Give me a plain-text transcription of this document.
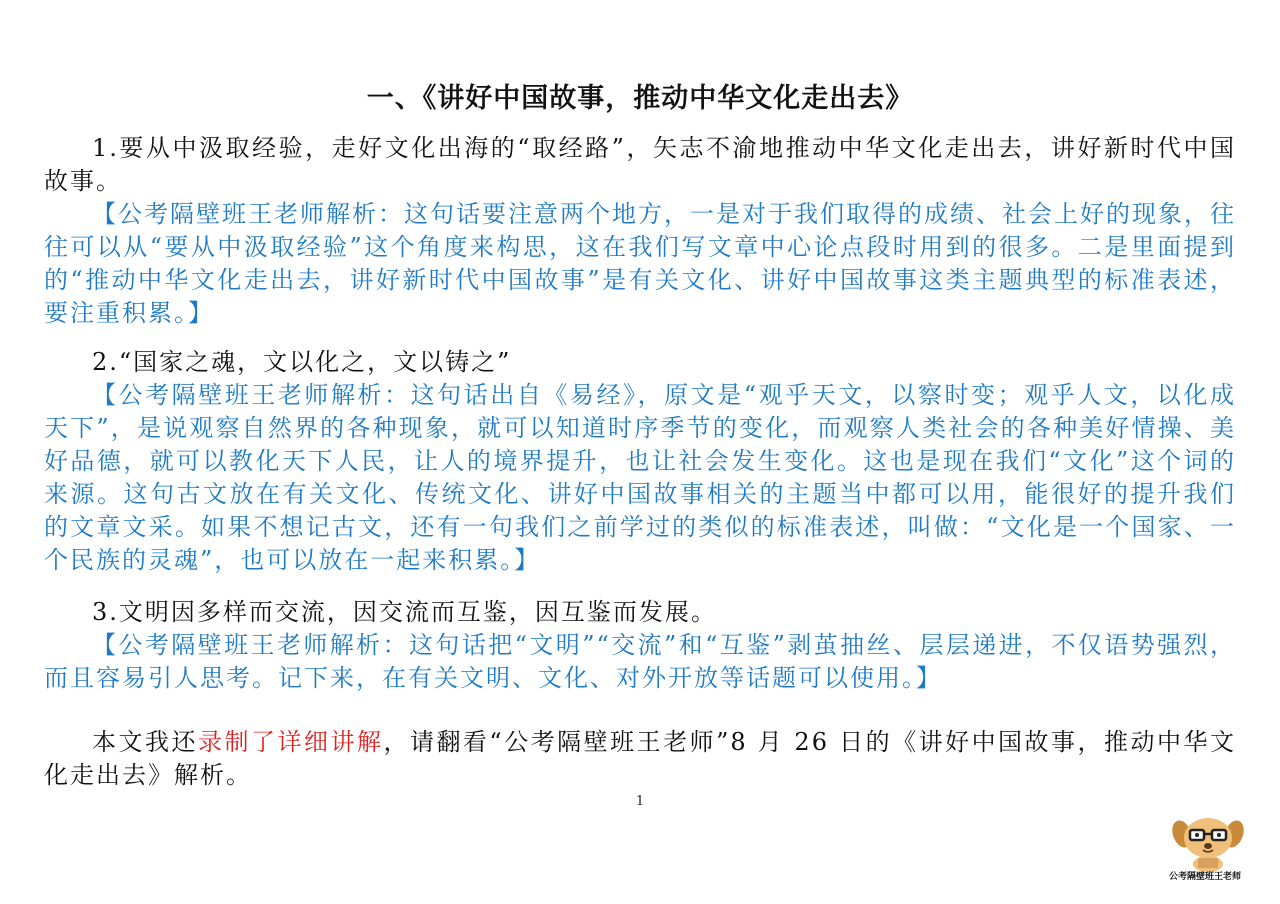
一、《讲好中国故事，推动中华文化走出去》

1.要从中汲取经验，走好文化出海的“取经路”，矢志不渝地推动中华文化走出去，讲好新时代中国故事。

【公考隔壁班王老师解析：这句话要注意两个地方，一是对于我们取得的成绩、社会上好的现象，往往可以从“要从中汲取经验”这个角度来构思，这在我们写文章中心论点段时用到的很多。二是里面提到的“推动中华文化走出去，讲好新时代中国故事”是有关文化、讲好中国故事这类主题典型的标准表述，要注重积累。】

2.“国家之魂，文以化之，文以铸之”

【公考隔壁班王老师解析：这句话出自《易经》，原文是“观乎天文，以察时变；观乎人文，以化成天下”，是说观察自然界的各种现象，就可以知道时序季节的变化，而观察人类社会的各种美好情操、美好品德，就可以教化天下人民，让人的境界提升，也让社会发生变化。这也是现在我们“文化”这个词的来源。这句古文放在有关文化、传统文化、讲好中国故事相关的主题当中都可以用，能很好的提升我们的文章文采。如果不想记古文，还有一句我们之前学过的类似的标准表述，叫做：“文化是一个国家、一个民族的灵魂”，也可以放在一起来积累。】

3.文明因多样而交流，因交流而互鉴，因互鉴而发展。

【公考隔壁班王老师解析：这句话把“文明”“交流”和“互鉴”剥茧抽丝、层层递进，不仅语势强烈，而且容易引人思考。记下来，在有关文明、文化、对外开放等话题可以使用。】

本文我还录制了详细讲解，请翻看“公考隔壁班王老师”8 月 26 日的《讲好中国故事，推动中华文化走出去》解析。

1
公考隔壁班王老师
